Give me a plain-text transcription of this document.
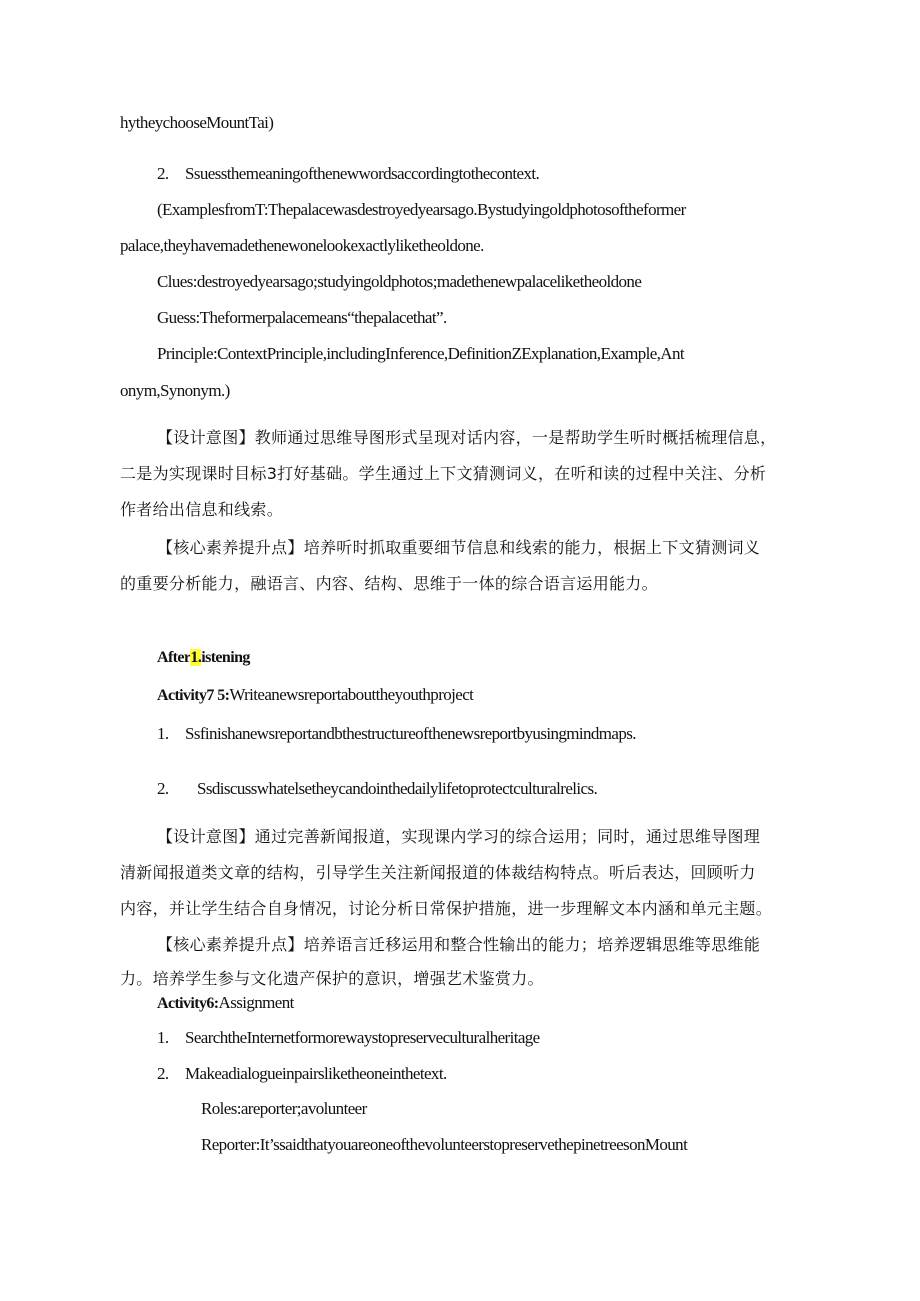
hytheychooseMountTai)
2. Ssuessthemeaningofthenewwordsaccordingtothecontext.
(ExamplesfromT:Thepalacewasdestroyedyearsago.Bystudyingoldphotosoftheformer
palace,theyhavemadethenewonelookexactlyliketheoldone.
Clues:destroyedyearsago;studyingoldphotos;madethenewpalaceliketheoldone
Guess:Theformerpalacemeans“thepalacethat”.
Principle:ContextPrinciple,includingInference,DefinitionZExplanation,Example,Ant
onym,Synonym.)
【设计意图】教师通过思维导图形式呈现对话内容，一是帮助学生听时概括梳理信息，
二是为实现课时目标3打好基础。学生通过上下文猜测词义，在听和读的过程中关注、分析
作者给出信息和线索。
【核心素养提升点】培养听时抓取重要细节信息和线索的能力，根据上下文猜测词义
的重要分析能力，融语言、内容、结构、思维于一体的综合语言运用能力。
After1.istening
Activity7 5:Writeanewsreportabouttheyouthproject
1. Ssfinishanewsreportandbthestructureofthenewsreportbyusingmindmaps.
2. Ssdiscusswhatelsetheycandointhedailylifetoprotectculturalrelics.
【设计意图】通过完善新闻报道，实现课内学习的综合运用；同时，通过思维导图理
清新闻报道类文章的结构，引导学生关注新闻报道的体裁结构特点。听后表达，回顾听力
内容，并让学生结合自身情况，讨论分析日常保护措施，进一步理解文本内涵和单元主题。
【核心素养提升点】培养语言迁移运用和整合性输出的能力；培养逻辑思维等思维能
力。培养学生参与文化遗产保护的意识，增强艺术鉴赏力。
Activity6:Assignment
1. SearchtheInternetformorewaystopreserveculturalheritage
2. Makeadialogueinpairsliketheoneinthetext.
Roles:areporter;avolunteer
Reporter:It’ssaidthatyouareoneofthevolunteerstopreservethepinetreesonMount
